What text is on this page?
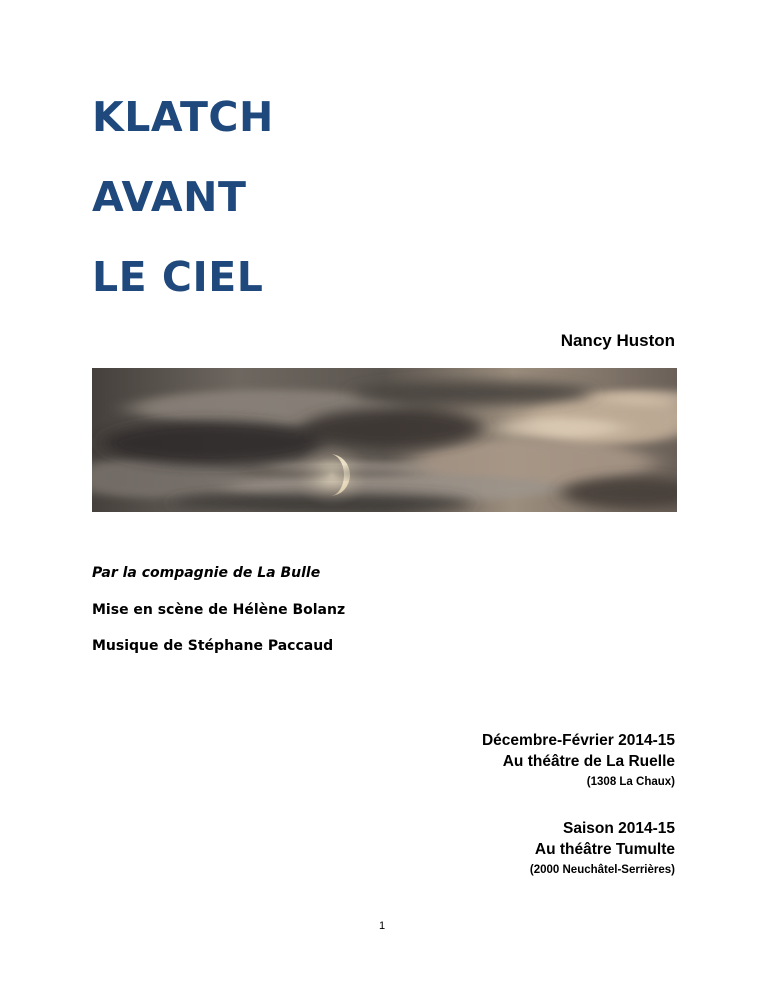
KLATCH
AVANT
LE CIEL
Nancy Huston
Par la compagnie de La Bulle
Mise en scène de Hélène Bolanz
Musique de Stéphane Paccaud
Décembre-Février 2014-15
Au théâtre de La Ruelle
(1308 La Chaux)
Saison 2014-15
Au théâtre Tumulte
(2000 Neuchâtel-Serrières)
1
